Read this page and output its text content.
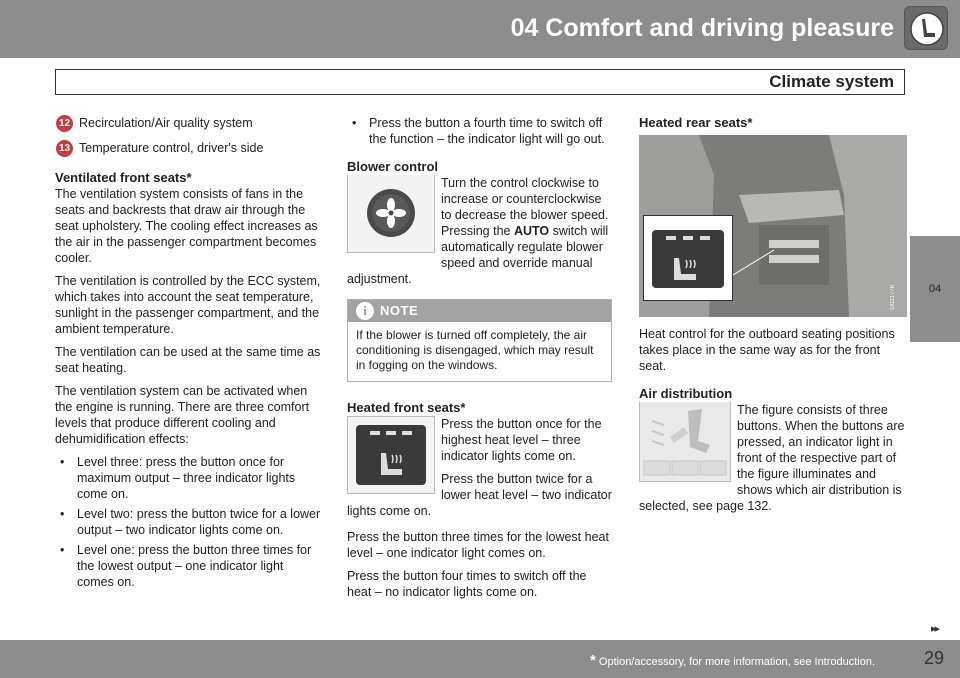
04 Comfort and driving pleasure
Climate system
04
12 Recirculation/Air quality system
13 Temperature control, driver's side
Ventilated front seats*

The ventilation system consists of fans in the seats and backrests that draw air through the seat upholstery. The cooling effect increases as the air in the passenger compartment becomes cooler.

The ventilation is controlled by the ECC system, which takes into account the seat temperature, sunlight in the passenger compartment, and the ambient temperature.

The ventilation can be used at the same time as seat heating.

The ventilation system can be activated when the engine is running. There are three comfort levels that produce different cooling and dehumidification effects:

• Level three: press the button once for maximum output – three indicator lights come on.
• Level two: press the button twice for a lower output – two indicator lights come on.
• Level one: press the button three times for the lowest output – one indicator light comes on.
• Press the button a fourth time to switch off the function – the indicator light will go out.
Blower control

Turn the control clockwise to increase or counterclockwise to decrease the blower speed. Pressing the AUTO switch will automatically regulate blower speed and override manual adjustment.

i	NOTE
If the blower is turned off completely, the air conditioning is disengaged, which may result in fogging on the windows.
Heated front seats*

Press the button once for the highest heat level – three indicator lights come on.

Press the button twice for a lower heat level – two indicator lights come on.

Press the button three times for the lowest heat level – one indicator light comes on.

Press the button four times to switch off the heat – no indicator lights come on.

Heated rear seats*
G021776

Heat control for the outboard seating positions takes place in the same way as for the front seat.

Air distribution

The figure consists of three buttons. When the buttons are pressed, an indicator light in front of the respective part of the figure illuminates and shows which air distribution is selected, see page 132.

▸▸
* Option/accessory, for more information, see Introduction.	29
